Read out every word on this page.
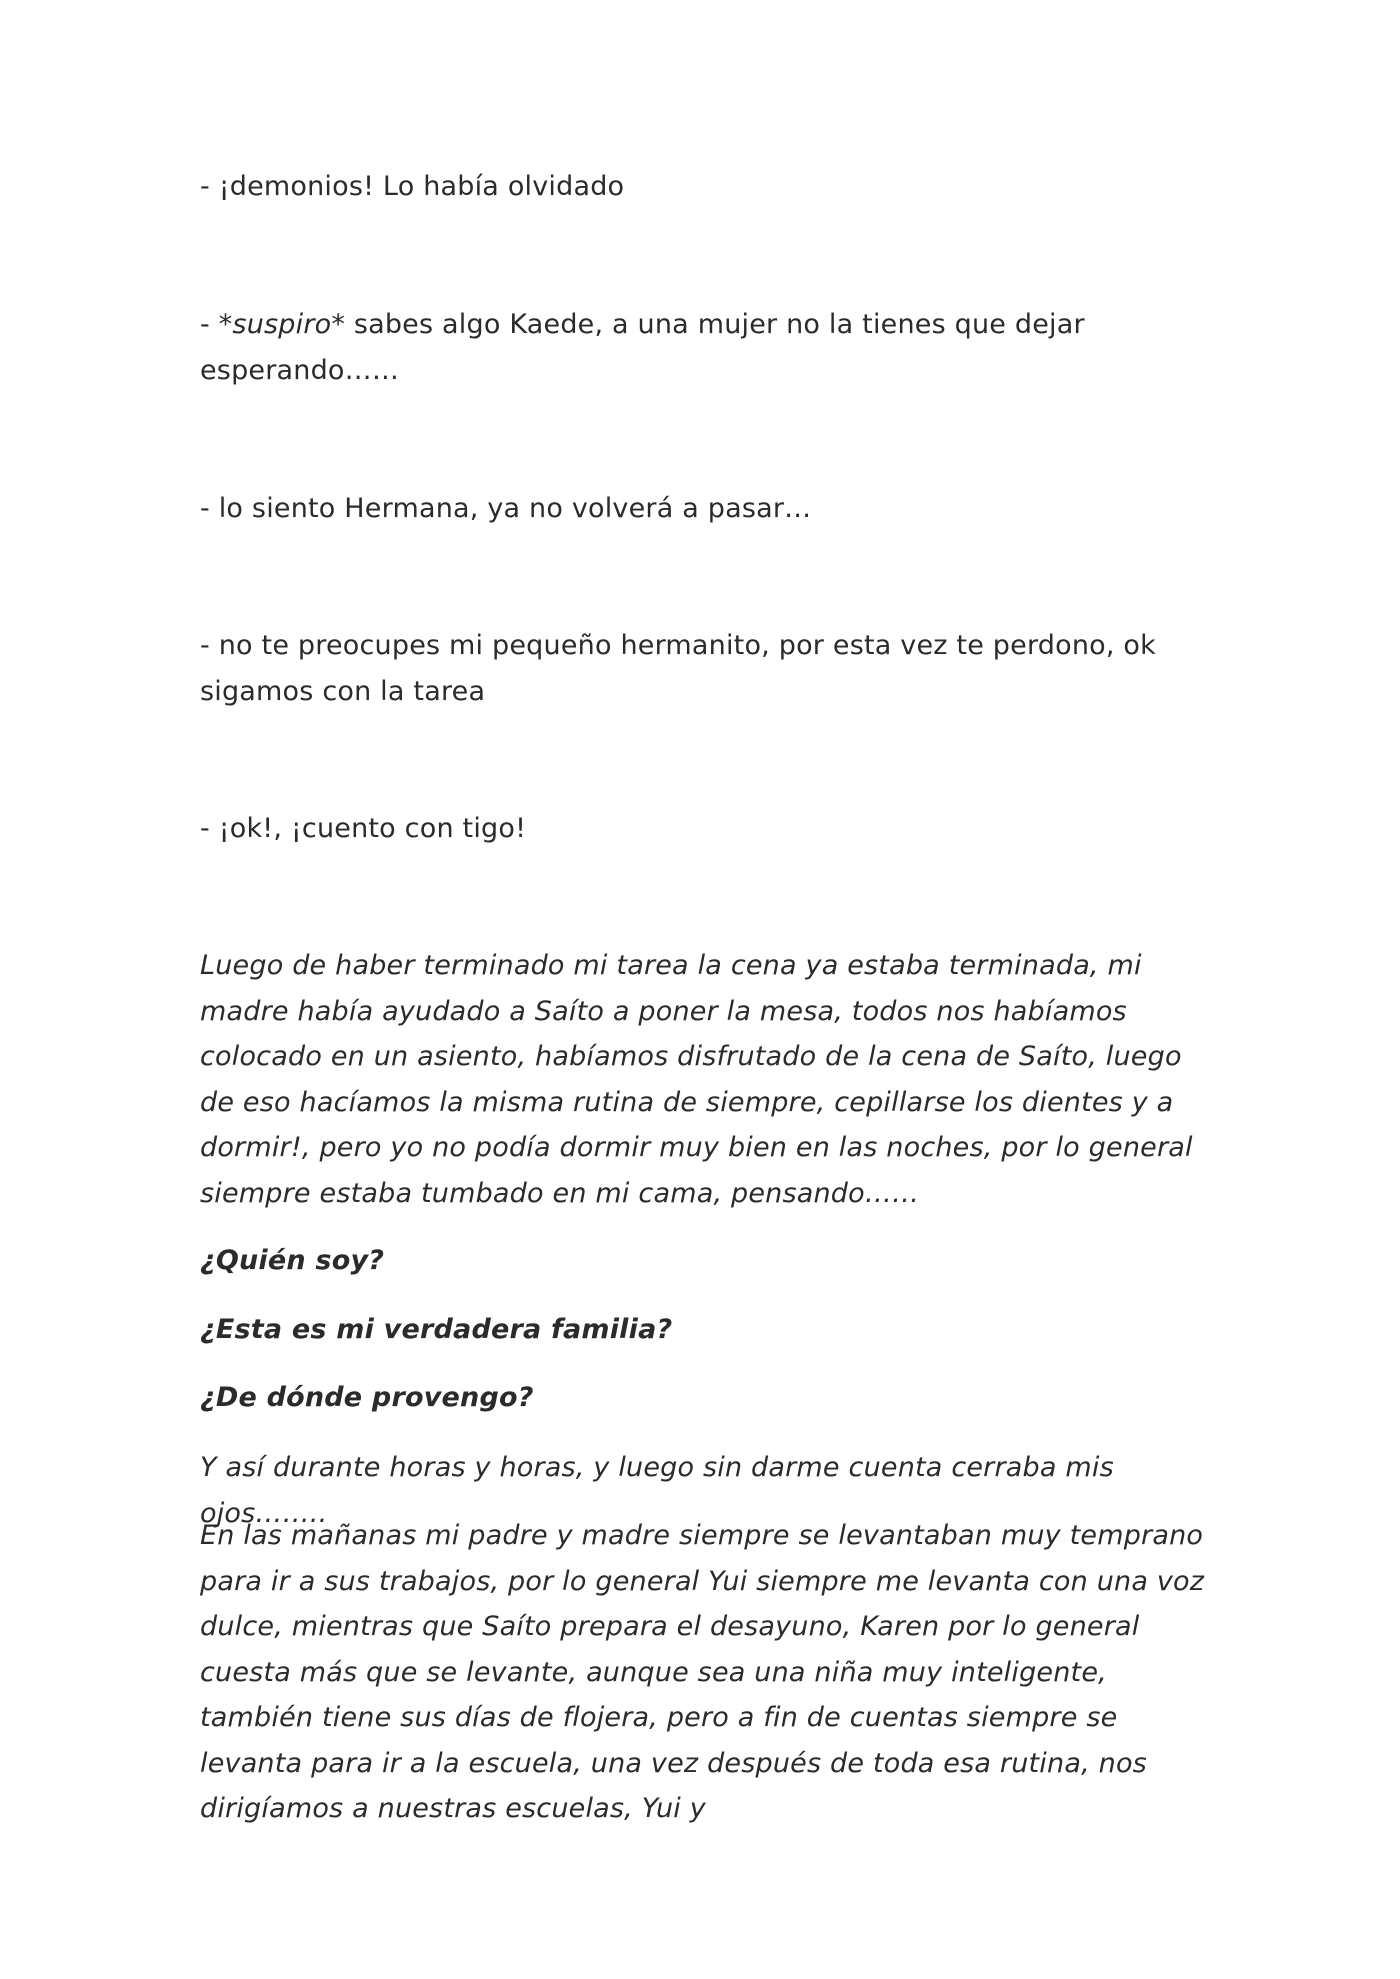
- ¡demonios! Lo había olvidado
- *suspiro* sabes algo Kaede, a una mujer no la tienes que dejar esperando……
- lo siento Hermana, ya no volverá a pasar…
- no te preocupes mi pequeño hermanito, por esta vez te perdono, ok sigamos con la tarea
- ¡ok!, ¡cuento con tigo!
Luego de haber terminado mi tarea la cena ya estaba terminada, mi madre había ayudado a Saíto a poner la mesa, todos nos habíamos colocado en un asiento, habíamos disfrutado de la cena de Saíto, luego de eso hacíamos la misma rutina de siempre, cepillarse los dientes y a dormir!, pero yo no podía dormir muy bien en las noches, por lo general siempre estaba tumbado en mi cama, pensando……
¿Quién soy?
¿Esta es mi verdadera familia?
¿De dónde provengo?
Y así durante horas y horas, y luego sin darme cuenta cerraba mis ojos……..
En las mañanas mi padre y madre siempre se levantaban muy temprano para ir a sus trabajos, por lo general Yui siempre me levanta con una voz dulce, mientras que Saíto prepara el desayuno, Karen por lo general cuesta más que se levante, aunque sea una niña muy inteligente, también tiene sus días de flojera, pero a fin de cuentas siempre se levanta para ir a la escuela, una vez después de toda esa rutina, nos dirigíamos a nuestras escuelas, Yui y
